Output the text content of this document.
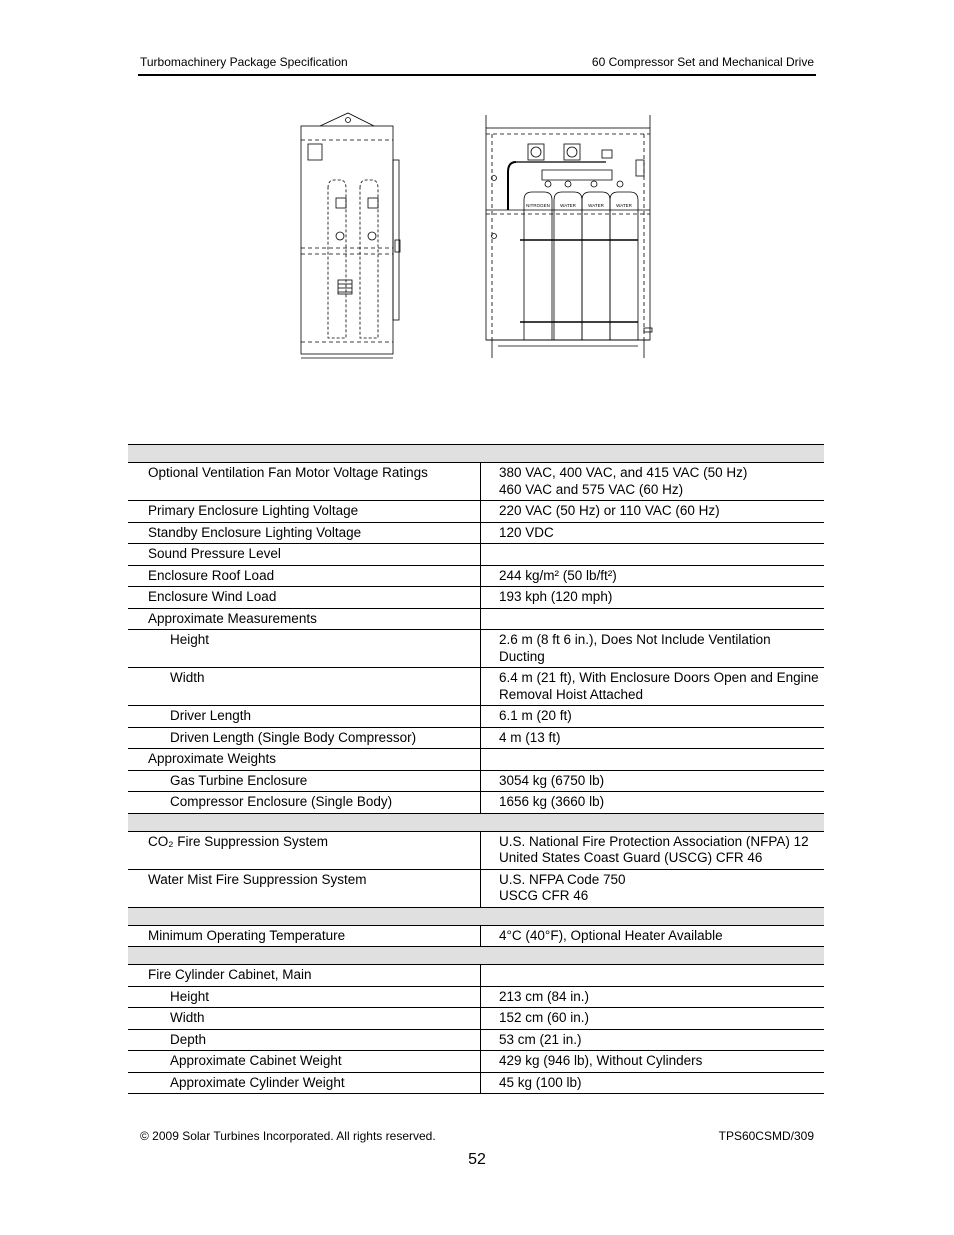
Turbomachinery Package Specification	60 Compressor Set and Mechanical Drive
NITROGEN WATER	WATER	WATER

Optional Ventilation Fan Motor Voltage Ratings	380 VAC, 400 VAC, and 415 VAC (50 Hz)
460 VAC and 575 VAC (60 Hz)

Primary Enclosure Lighting Voltage	220 VAC (50 Hz) or 110 VAC (60 Hz)

Standby Enclosure Lighting Voltage	120 VDC

Sound Pressure Level	

Enclosure Roof Load	244 kg/m² (50 lb/ft²)

Enclosure Wind Load	193 kph (120 mph)

Approximate Measurements	

Height	2.6 m (8 ft 6 in.), Does Not Include Ventilation Ducting

Width	6.4 m (21 ft), With Enclosure Doors Open and Engine
Removal Hoist Attached

Driver Length	6.1 m (20 ft)

Driven Length (Single Body Compressor)	4 m (13 ft)

Approximate Weights	

Gas Turbine Enclosure	3054 kg (6750 lb)

Compressor Enclosure (Single Body)	1656 kg (3660 lb)

CO₂ Fire Suppression System	U.S. National Fire Protection Association (NFPA) 12
United States Coast Guard (USCG) CFR 46

Water Mist Fire Suppression System	U.S. NFPA Code 750
USCG CFR 46

Minimum Operating Temperature	4°C (40°F), Optional Heater Available

Fire Cylinder Cabinet, Main	

Height	213 cm (84 in.)

Width	152 cm (60 in.)

Depth	53 cm (21 in.)

Approximate Cabinet Weight	429 kg (946 lb), Without Cylinders

Approximate Cylinder Weight	45 kg (100 lb)
© 2009 Solar Turbines Incorporated. All rights reserved.	TPS60CSMD/309
52
